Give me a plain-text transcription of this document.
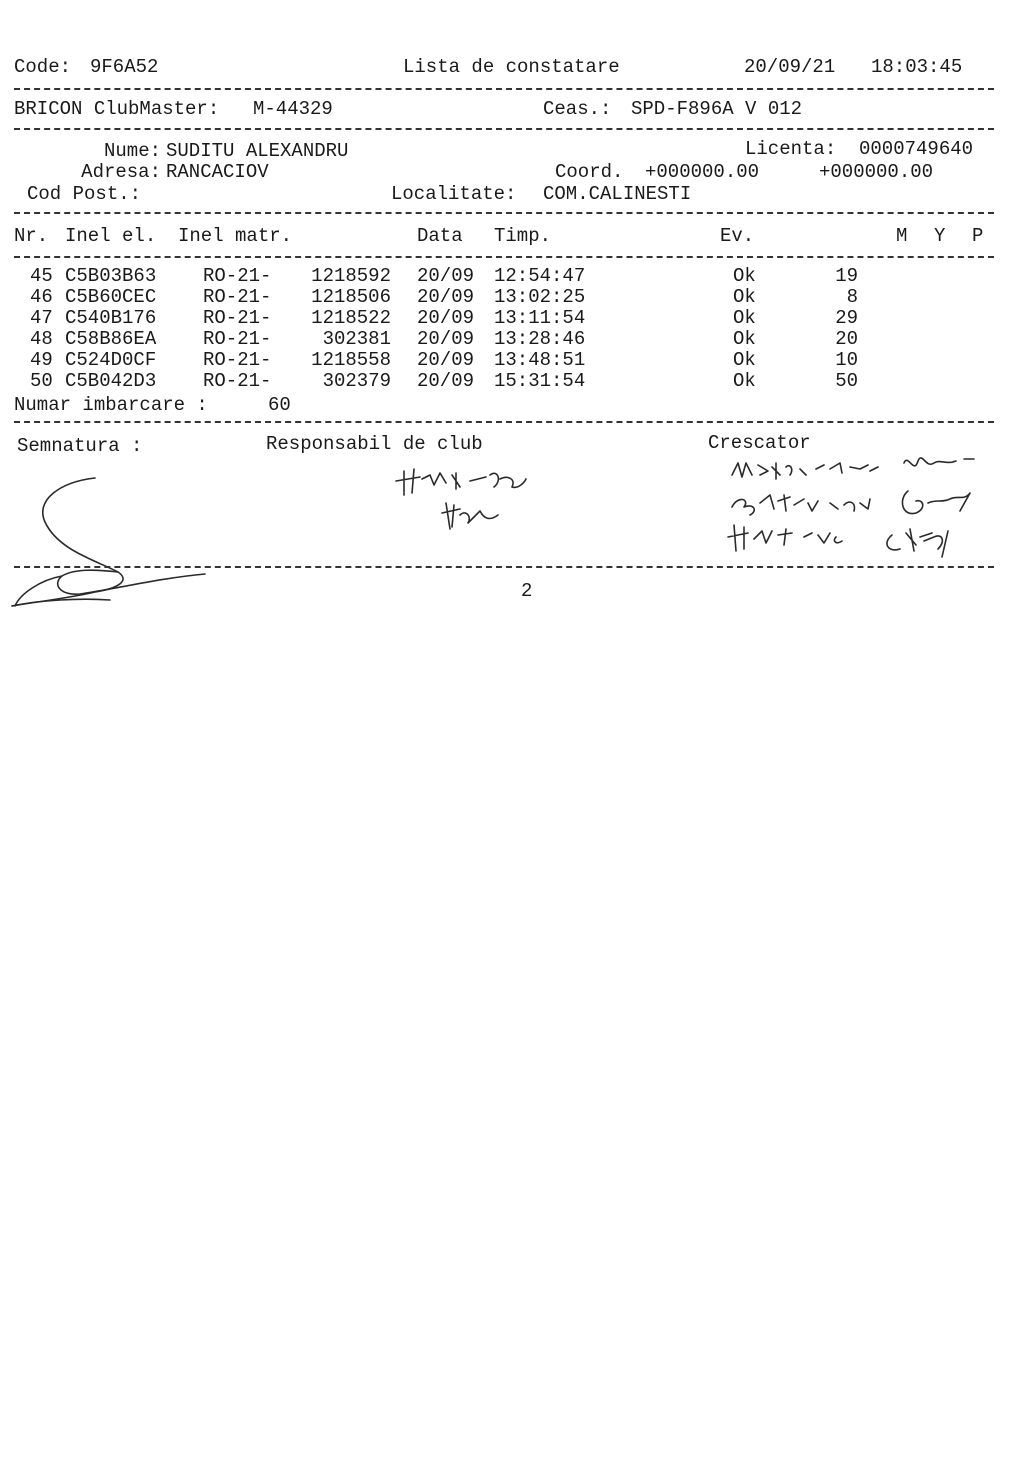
Code: 9F6A52	Lista de constatare	20/09/21 18:03:45
BRICON ClubMaster: M-44329	Ceas.: SPD-F896A V 012
Nume: SUDITU ALEXANDRU	Licenta: 0000749640
Adresa: RANCACIOV	Coord. +000000.00	+000000.00
Cod Post.:	Localitate: COM.CALINESTI
Nr. Inel el. Inel matr.	Data Timp.	Ev.	M Y P
45 C5B03B63 RO-21-	1218592 20/09 12:54:47	Ok	19
46 C5B60CEC RO-21-	1218506 20/09 13:02:25	Ok	8
47 C540B176 RO-21-	1218522 20/09 13:11:54	Ok	29
48 C58B86EA RO-21-	302381 20/09 13:28:46	Ok	20
49 C524D0CF RO-21-	1218558 20/09 13:48:51	Ok	10
50 C5B042D3 RO-21-	302379 20/09 15:31:54	Ok	50
Numar imbarcare :	60
Semnatura :	Responsabil de club	Crescator
2
